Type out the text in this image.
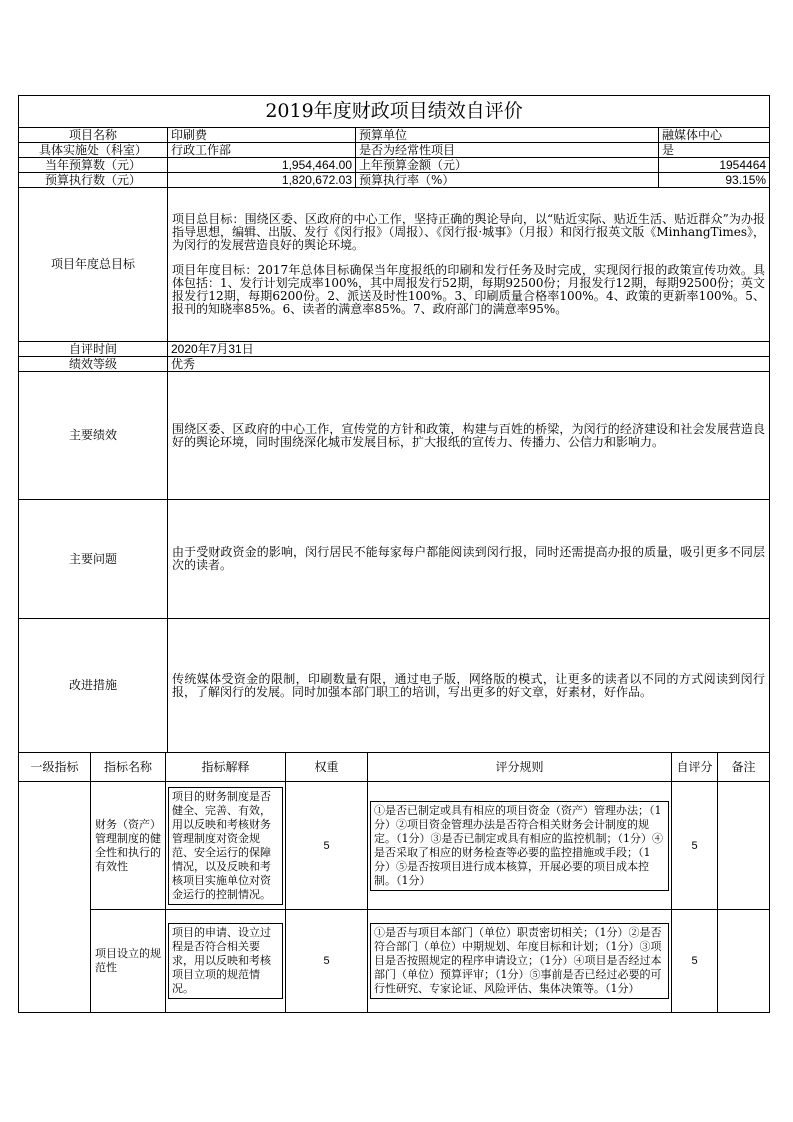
2019年度财政项目绩效自评价			
项目名称	印刷费	预算单位	融媒体中心
具体实施处（科室）	行政工作部	是否为经常性项目	是
当年预算数（元）	1,954,464.00	上年预算金额（元）	1954464
预算执行数（元）	1,820,672.03	预算执行率（%）	93.15%
项目年度总目标	项目总目标：围绕区委、区政府的中心工作，坚持正确的舆论导向，以“贴近实际、贴近生活、贴近群众”为办报指导思想，编辑、出版、发行《闵行报》（周报）、《闵行报·城事》（月报）和闵行报英文版《MinhangTimes》，为闵行的发展营造良好的舆论环境。

项目年度目标：2017年总体目标确保当年度报纸的印刷和发行任务及时完成，实现闵行报的政策宣传功效。具体包括：1、发行计划完成率100%，其中周报发行52期，每期92500份；月报发行12期，每期92500份；英文报发行12期，每期6200份。2、派送及时性100%。3、印刷质量合格率100%。4、政策的更新率100%。5、报刊的知晓率85%。6、读者的满意率85%。7、政府部门的满意率95%。		

自评时间	2020年7月31日		
绩效等级	优秀		
主要绩效	围绕区委、区政府的中心工作，宣传党的方针和政策，构建与百姓的桥梁，为闵行的经济建设和社会发展营造良好的舆论环境，同时围绕深化城市发展目标，扩大报纸的宣传力、传播力、公信力和影响力。		
主要问题	由于受财政资金的影响，闵行居民不能每家每户都能阅读到闵行报，同时还需提高办报的质量，吸引更多不同层次的读者。		
改进措施	传统媒体受资金的限制，印刷数量有限，通过电子版，网络版的模式，让更多的读者以不同的方式阅读到闵行报，了解闵行的发展。同时加强本部门职工的培训，写出更多的好文章，好素材，好作品。		
一级指标	指标名称	指标解释	权重	评分规则	自评分	备注
	财务（资产）管理制度的健全性和执行的有效性	项目的财务制度是否健全、完善、有效，用以反映和考核财务管理制度对资金规范、安全运行的保障情况，以及反映和考核项目实施单位对资金运行的控制情况。	5	①是否已制定或具有相应的项目资金（资产）管理办法；（1分）②项目资金管理办法是否符合相关财务会计制度的规定。（1分）③是否已制定或具有相应的监控机制；（1分）④是否采取了相应的财务检查等必要的监控措施或手段；（1分）⑤是否按项目进行成本核算，开展必要的项目成本控制。（1分）	5	
	项目设立的规范性	项目的申请、设立过程是否符合相关要求，用以反映和考核项目立项的规范情况。	5	①是否与项目本部门（单位）职责密切相关；（1分）②是否符合部门（单位）中期规划、年度目标和计划；（1分）③项目是否按照规定的程序申请设立；（1分）④项目是否经过本部门（单位）预算评审；（1分）⑤事前是否已经过必要的可行性研究、专家论证、风险评估、集体决策等。（1分）	5	
